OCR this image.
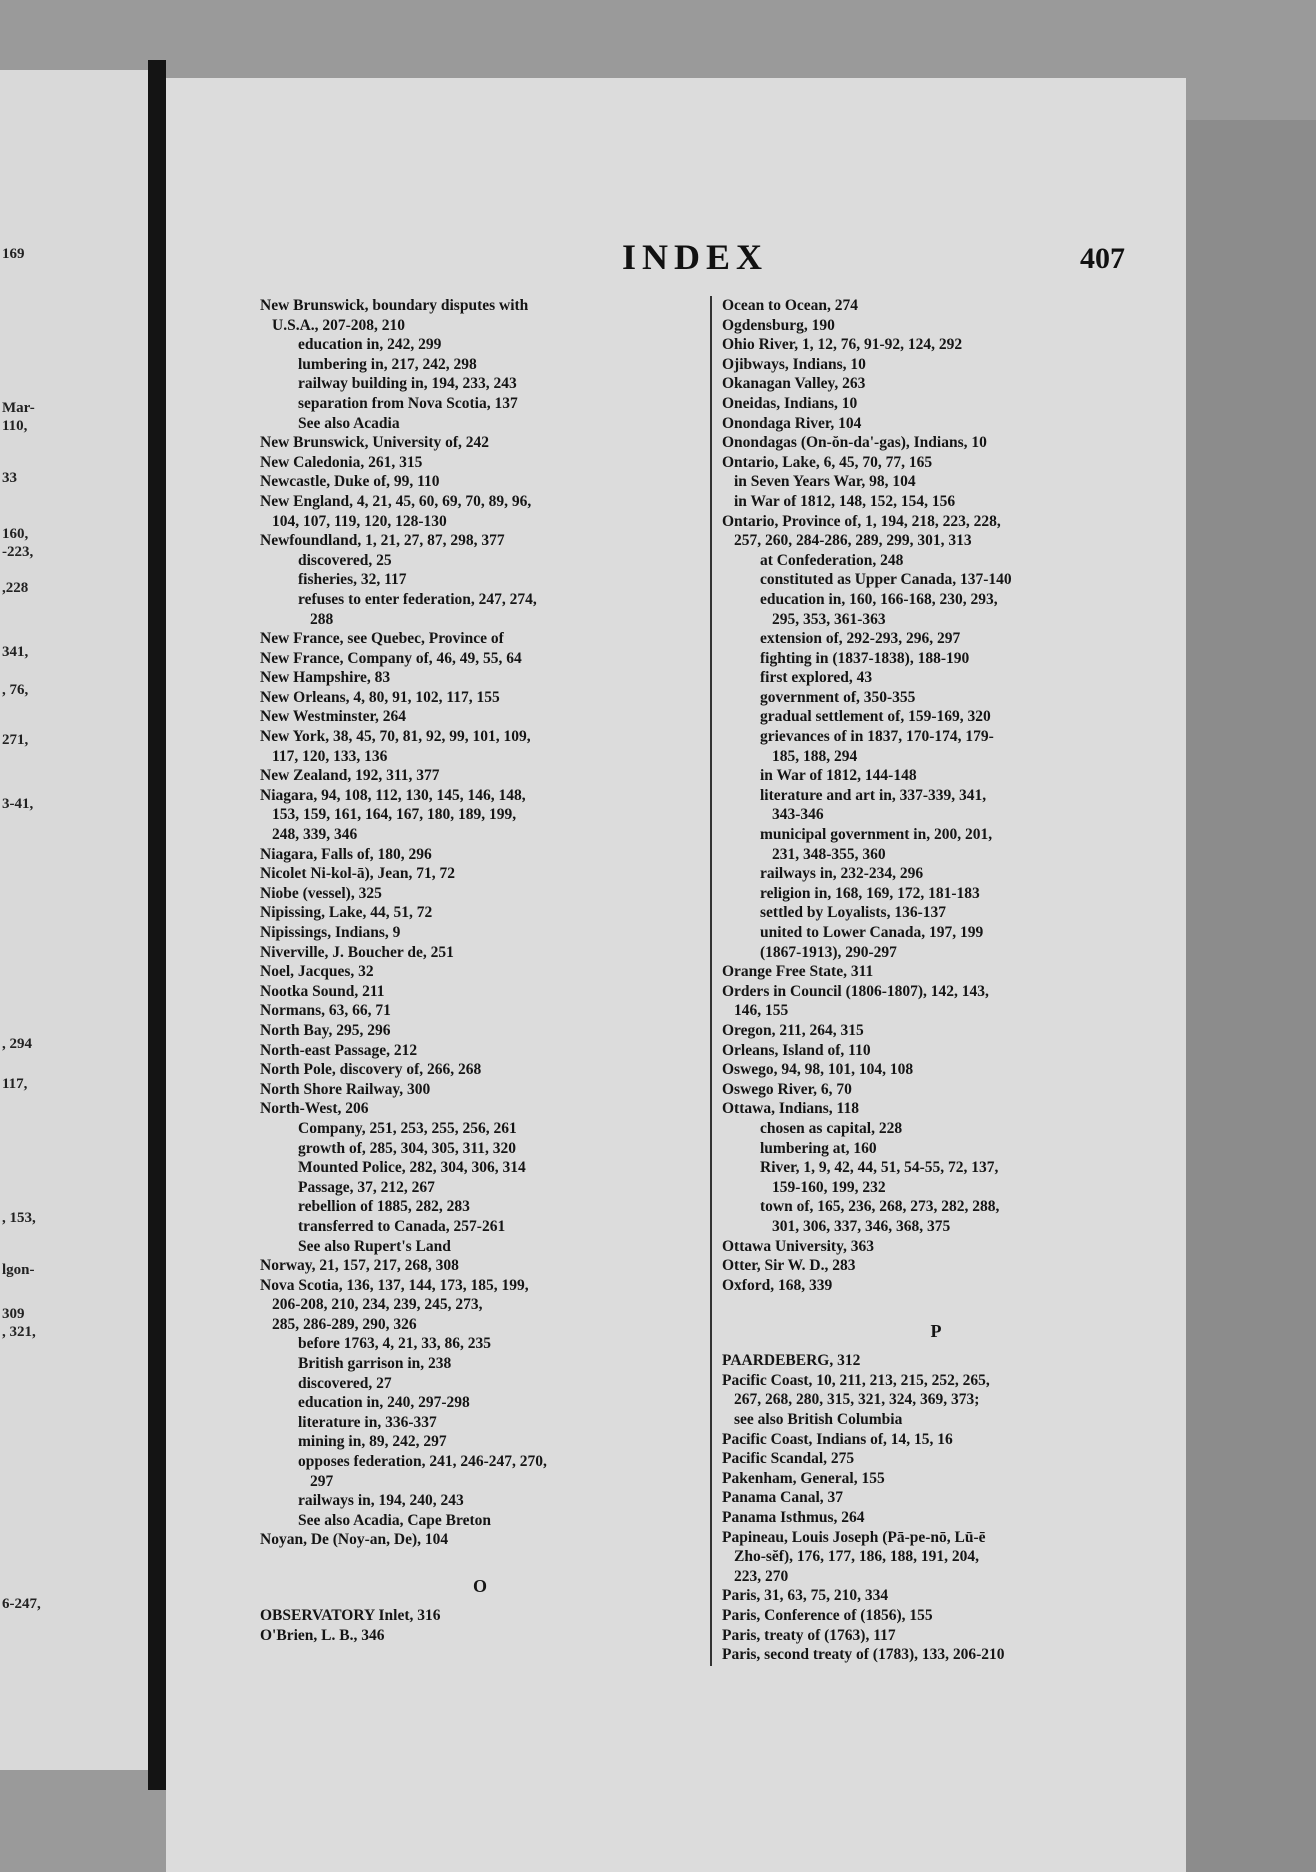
169
Mar-
110,
33
160,
-223,
,228
341,
, 76,
271,
3-41,
, 294
117,
, 153,
lgon-
309
, 321,
6-247,
INDEX	407
New Brunswick, boundary disputes with
U.S.A., 207-208, 210
education in, 242, 299
lumbering in, 217, 242, 298
railway building in, 194, 233, 243
separation from Nova Scotia, 137
See also Acadia
New Brunswick, University of, 242
New Caledonia, 261, 315
Newcastle, Duke of, 99, 110
New England, 4, 21, 45, 60, 69, 70, 89, 96,
104, 107, 119, 120, 128-130
Newfoundland, 1, 21, 27, 87, 298, 377
discovered, 25
fisheries, 32, 117
refuses to enter federation, 247, 274,
288
New France, see Quebec, Province of
New France, Company of, 46, 49, 55, 64
New Hampshire, 83
New Orleans, 4, 80, 91, 102, 117, 155
New Westminster, 264
New York, 38, 45, 70, 81, 92, 99, 101, 109,
117, 120, 133, 136
New Zealand, 192, 311, 377
Niagara, 94, 108, 112, 130, 145, 146, 148,
153, 159, 161, 164, 167, 180, 189, 199,
248, 339, 346
Niagara, Falls of, 180, 296
Nicolet Ni-kol-ā), Jean, 71, 72
Niobe (vessel), 325
Nipissing, Lake, 44, 51, 72
Nipissings, Indians, 9
Niverville, J. Boucher de, 251
Noel, Jacques, 32
Nootka Sound, 211
Normans, 63, 66, 71
North Bay, 295, 296
North-east Passage, 212
North Pole, discovery of, 266, 268
North Shore Railway, 300
North-West, 206
Company, 251, 253, 255, 256, 261
growth of, 285, 304, 305, 311, 320
Mounted Police, 282, 304, 306, 314
Passage, 37, 212, 267
rebellion of 1885, 282, 283
transferred to Canada, 257-261
See also Rupert's Land
Norway, 21, 157, 217, 268, 308
Nova Scotia, 136, 137, 144, 173, 185, 199,
206-208, 210, 234, 239, 245, 273,
285, 286-289, 290, 326
before 1763, 4, 21, 33, 86, 235
British garrison in, 238
discovered, 27
education in, 240, 297-298
literature in, 336-337
mining in, 89, 242, 297
opposes federation, 241, 246-247, 270,
297
railways in, 194, 240, 243
See also Acadia, Cape Breton
Noyan, De (Noy-an, De), 104
O
OBSERVATORY Inlet, 316
O'Brien, L. B., 346
Ocean to Ocean, 274
Ogdensburg, 190
Ohio River, 1, 12, 76, 91-92, 124, 292
Ojibways, Indians, 10
Okanagan Valley, 263
Oneidas, Indians, 10
Onondaga River, 104
Onondagas (On-ŏn-da'-gas), Indians, 10
Ontario, Lake, 6, 45, 70, 77, 165
in Seven Years War, 98, 104
in War of 1812, 148, 152, 154, 156
Ontario, Province of, 1, 194, 218, 223, 228,
257, 260, 284-286, 289, 299, 301, 313
at Confederation, 248
constituted as Upper Canada, 137-140
education in, 160, 166-168, 230, 293,
295, 353, 361-363
extension of, 292-293, 296, 297
fighting in (1837-1838), 188-190
first explored, 43
government of, 350-355
gradual settlement of, 159-169, 320
grievances of in 1837, 170-174, 179-
185, 188, 294
in War of 1812, 144-148
literature and art in, 337-339, 341,
343-346
municipal government in, 200, 201,
231, 348-355, 360
railways in, 232-234, 296
religion in, 168, 169, 172, 181-183
settled by Loyalists, 136-137
united to Lower Canada, 197, 199
(1867-1913), 290-297
Orange Free State, 311
Orders in Council (1806-1807), 142, 143,
146, 155
Oregon, 211, 264, 315
Orleans, Island of, 110
Oswego, 94, 98, 101, 104, 108
Oswego River, 6, 70
Ottawa, Indians, 118
chosen as capital, 228
lumbering at, 160
River, 1, 9, 42, 44, 51, 54-55, 72, 137,
159-160, 199, 232
town of, 165, 236, 268, 273, 282, 288,
301, 306, 337, 346, 368, 375
Ottawa University, 363
Otter, Sir W. D., 283
Oxford, 168, 339
P
PAARDEBERG, 312
Pacific Coast, 10, 211, 213, 215, 252, 265,
267, 268, 280, 315, 321, 324, 369, 373;
see also British Columbia
Pacific Coast, Indians of, 14, 15, 16
Pacific Scandal, 275
Pakenham, General, 155
Panama Canal, 37
Panama Isthmus, 264
Papineau, Louis Joseph (Pā-pe-nō, Lū-ē
Zho-sĕf), 176, 177, 186, 188, 191, 204,
223, 270
Paris, 31, 63, 75, 210, 334
Paris, Conference of (1856), 155
Paris, treaty of (1763), 117
Paris, second treaty of (1783), 133, 206-210
